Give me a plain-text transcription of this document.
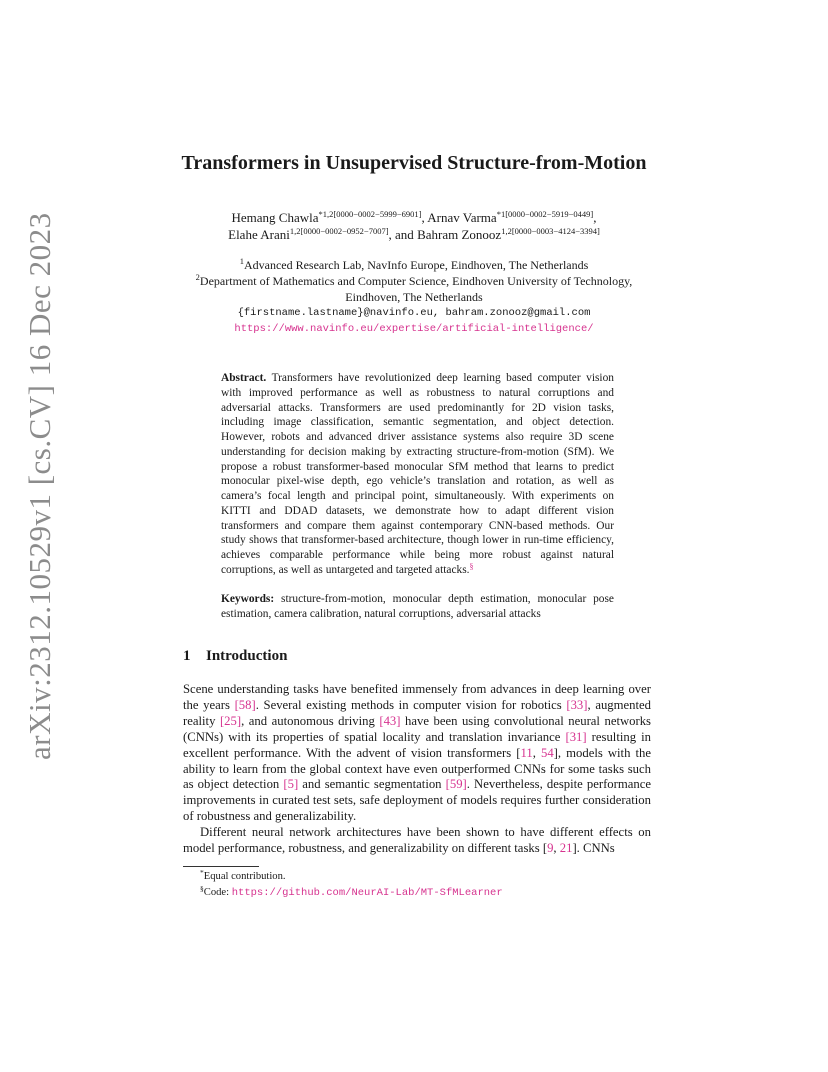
arXiv:2312.10529v1 [cs.CV] 16 Dec 2023
Transformers in Unsupervised Structure-from-Motion
Hemang Chawla$^{*1,2[0000-0002-5999-6901]}$, Arnav Varma$^{*1[0000-0002-5919-0449]}$,
Elahe Arani$^{1,2[0000-0002-0952-7007]}$, and Bahram Zonooz$^{1,2[0000-0003-4124-3394]}$
$^1$Advanced Research Lab, NavInfo Europe, Eindhoven, The Netherlands
$^2$Department of Mathematics and Computer Science, Eindhoven University of Technology,
Eindhoven, The Netherlands
{firstname.lastname}@navinfo.eu, bahram.zonooz@gmail.com
https://www.navinfo.eu/expertise/artificial-intelligence/
Abstract. Transformers have revolutionized deep learning based computer vision with improved performance as well as robustness to natural corruptions and adversarial attacks. Transformers are used predominantly for 2D vision tasks, including image classification, semantic segmentation, and object detection. However, robots and advanced driver assistance systems also require 3D scene understanding for decision making by extracting structure-from-motion (SfM). We propose a robust transformer-based monocular SfM method that learns to predict monocular pixel-wise depth, ego vehicle’s translation and rotation, as well as camera’s focal length and principal point, simultaneously. With experiments on KITTI and DDAD datasets, we demonstrate how to adapt different vision transformers and compare them against contemporary CNN-based methods. Our study shows that transformer-based architecture, though lower in run-time efficiency, achieves comparable performance while being more robust against natural corruptions, as well as untargeted and targeted attacks.§
Keywords: structure-from-motion, monocular depth estimation, monocular pose estimation, camera calibration, natural corruptions, adversarial attacks
1 Introduction
Scene understanding tasks have benefited immensely from advances in deep learning over the years [58]. Several existing methods in computer vision for robotics [33], augmented reality [25], and autonomous driving [43] have been using convolutional neural networks (CNNs) with its properties of spatial locality and translation invariance [31] resulting in excellent performance. With the advent of vision transformers [11, 54], models with the ability to learn from the global context have even outperformed CNNs for some tasks such as object detection [5] and semantic segmentation [59]. Nevertheless, despite performance improvements in curated test sets, safe deployment of models requires further consideration of robustness and generalizability.
Different neural network architectures have been shown to have different effects on model performance, robustness, and generalizability on different tasks [9, 21]. CNNs
*Equal contribution.
§Code: https://github.com/NeurAI-Lab/MT-SfMLearner
